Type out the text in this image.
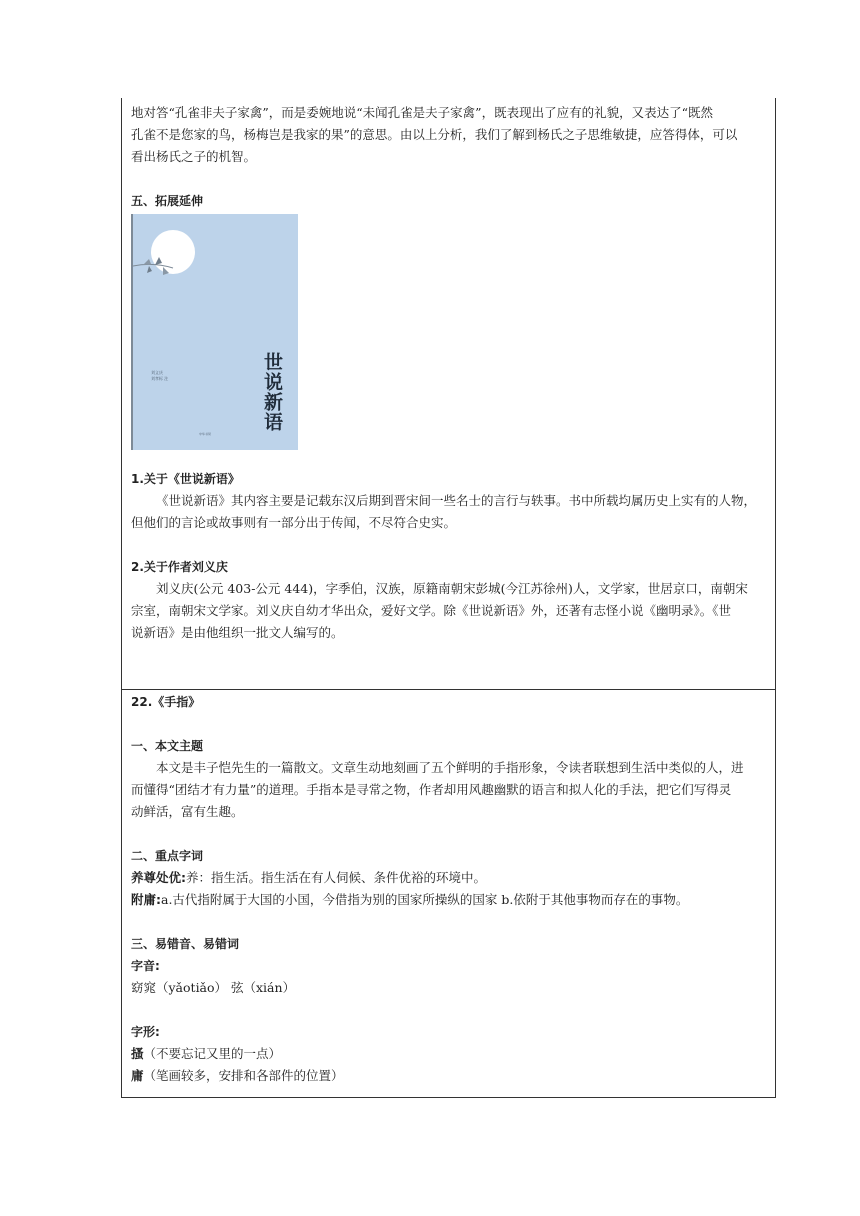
地对答“孔雀非夫子家禽”，而是委婉地说“未闻孔雀是夫子家禽”，既表现出了应有的礼貌，又表达了“既然

孔雀不是您家的鸟，杨梅岂是我家的果”的意思。由以上分析，我们了解到杨氏之子思维敏捷，应答得体，可以

看出杨氏之子的机智。

五、拓展延伸

世说新语
刘义庆
刘孝标 注
中华书局

1.关于《世说新语》

《世说新语》其内容主要是记载东汉后期到晋宋间一些名士的言行与轶事。书中所载均属历史上实有的人物，

但他们的言论或故事则有一部分出于传闻，不尽符合史实。

2.关于作者刘义庆

刘义庆(公元 403-公元 444)，字季伯，汉族，原籍南朝宋彭城(今江苏徐州)人，文学家，世居京口，南朝宋

宗室，南朝宋文学家。刘义庆自幼才华出众，爱好文学。除《世说新语》外，还著有志怪小说《幽明录》。《世

说新语》是由他组织一批文人编写的。

22.《手指》

一、本文主题

本文是丰子恺先生的一篇散文。文章生动地刻画了五个鲜明的手指形象，令读者联想到生活中类似的人，进

而懂得“团结才有力量”的道理。手指本是寻常之物，作者却用风趣幽默的语言和拟人化的手法，把它们写得灵

动鲜活，富有生趣。

二、重点字词

养尊处优:养：指生活。指生活在有人伺候、条件优裕的环境中。

附庸:a.古代指附属于大国的小国，今借指为别的国家所操纵的国家 b.依附于其他事物而存在的事物。

三、易错音、易错词

字音:

窈窕（yǎotiǎo） 弦（xián）

字形:

搔（不要忘记又里的一点）

庸（笔画较多，安排和各部件的位置）
